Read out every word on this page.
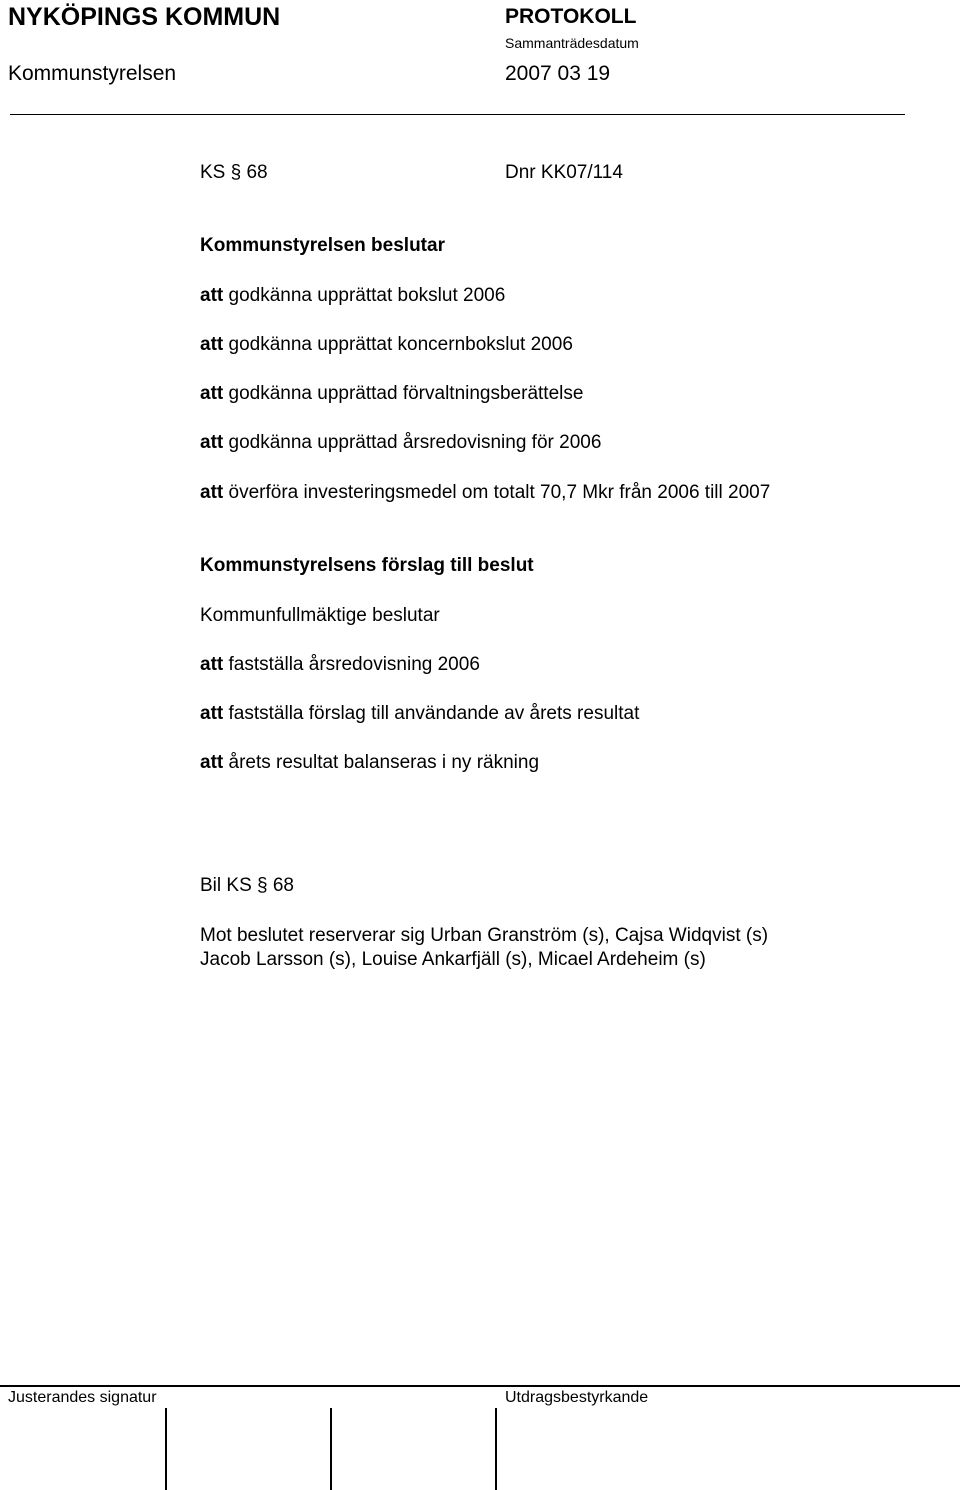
NYKÖPINGS KOMMUN	PROTOKOLL
Sammanträdesdatum
Kommunstyrelsen	2007 03 19
KS § 68	Dnr KK07/114
Kommunstyrelsen beslutar
att godkänna upprättat bokslut 2006
att godkänna upprättat koncernbokslut 2006
att godkänna upprättad förvaltningsberättelse
att godkänna upprättad årsredovisning för 2006
att överföra investeringsmedel om totalt 70,7 Mkr från 2006 till 2007
Kommunstyrelsens förslag till beslut
Kommunfullmäktige beslutar
att fastställa årsredovisning 2006
att fastställa förslag till användande av årets resultat
att årets resultat balanseras i ny räkning
Bil KS § 68
Mot beslutet reserverar sig Urban Granström (s), Cajsa Widqvist (s)
Jacob Larsson (s), Louise Ankarfjäll (s), Micael Ardeheim (s)
Justerandes signatur	Utdragsbestyrkande
